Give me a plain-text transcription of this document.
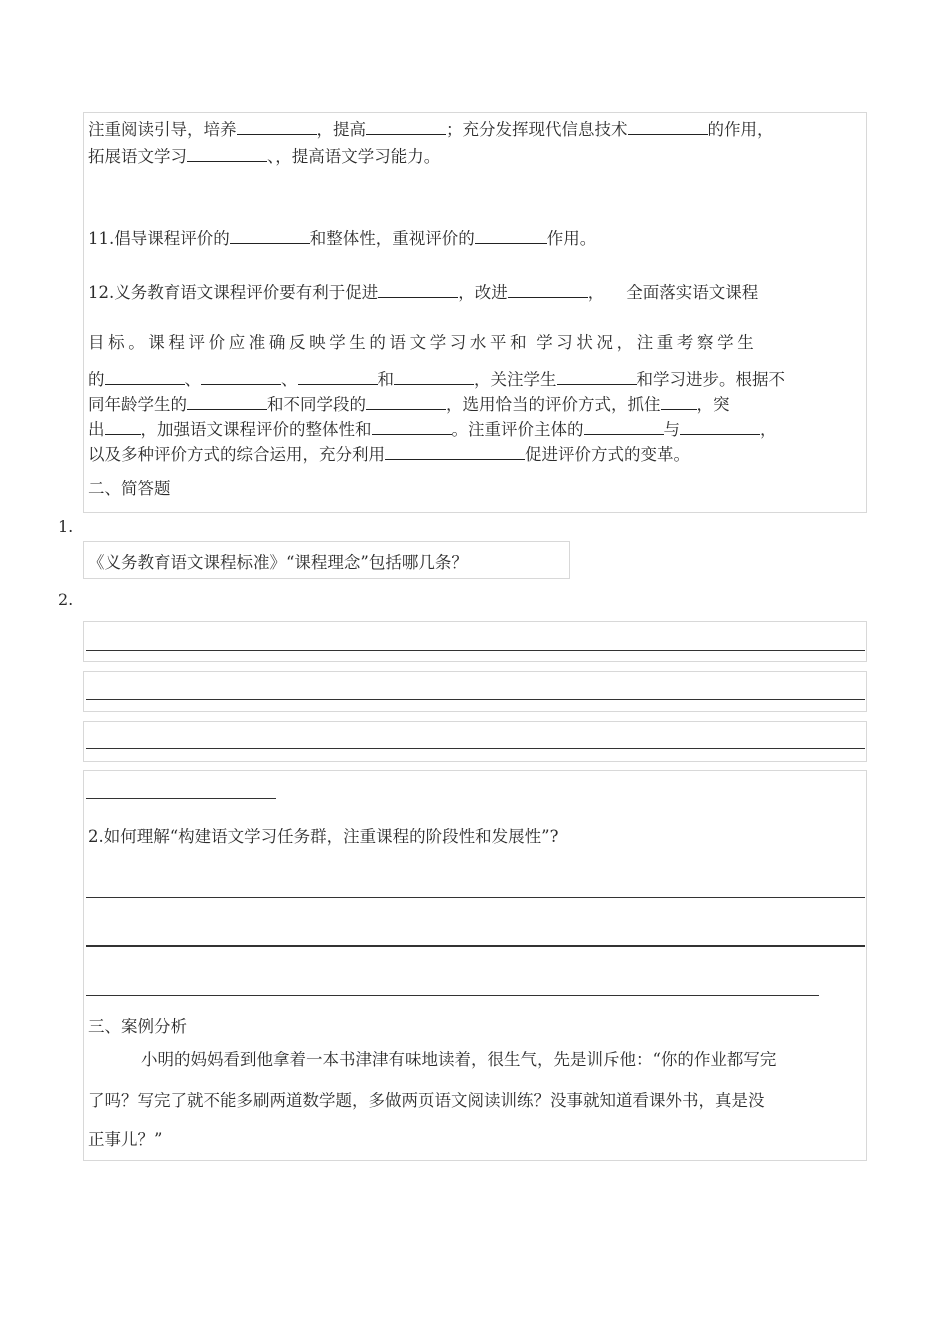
注重阅读引导，培养	，提高	；充分发挥现代信息技术	的作用，
拓展语文学习	、，提高语文学习能力。
11.倡导课程评价的	和整体性，重视评价的	作用。
12.义务教育语文课程评价要有利于促进	，改进	， 全面落实语文课程
目标。课程评价应准确反映学生的语文学习水平和 学习状况，注重考察学生
的	、	、	和	，关注学生	和学习进步。根据不
同年龄学生的	和不同学段的	，选用恰当的评价方式，抓住 ，突
出 ，加强语文课程评价的整体性和	。注重评价主体的	与	，
以及多种评价方式的综合运用，充分利用	促进评价方式的变革。
二、简答题
1.
《义务教育语文课程标准》“课程理念”包括哪几条？
2.
2.如何理解“构建语文学习任务群，注重课程的阶段性和发展性”?
三、案例分析
小明的妈妈看到他拿着一本书津津有味地读着，很生气，先是训斥他：“你的作业都写完
了吗？写完了就不能多刷两道数学题，多做两页语文阅读训练？没事就知道看课外书，真是没
正事儿？”
